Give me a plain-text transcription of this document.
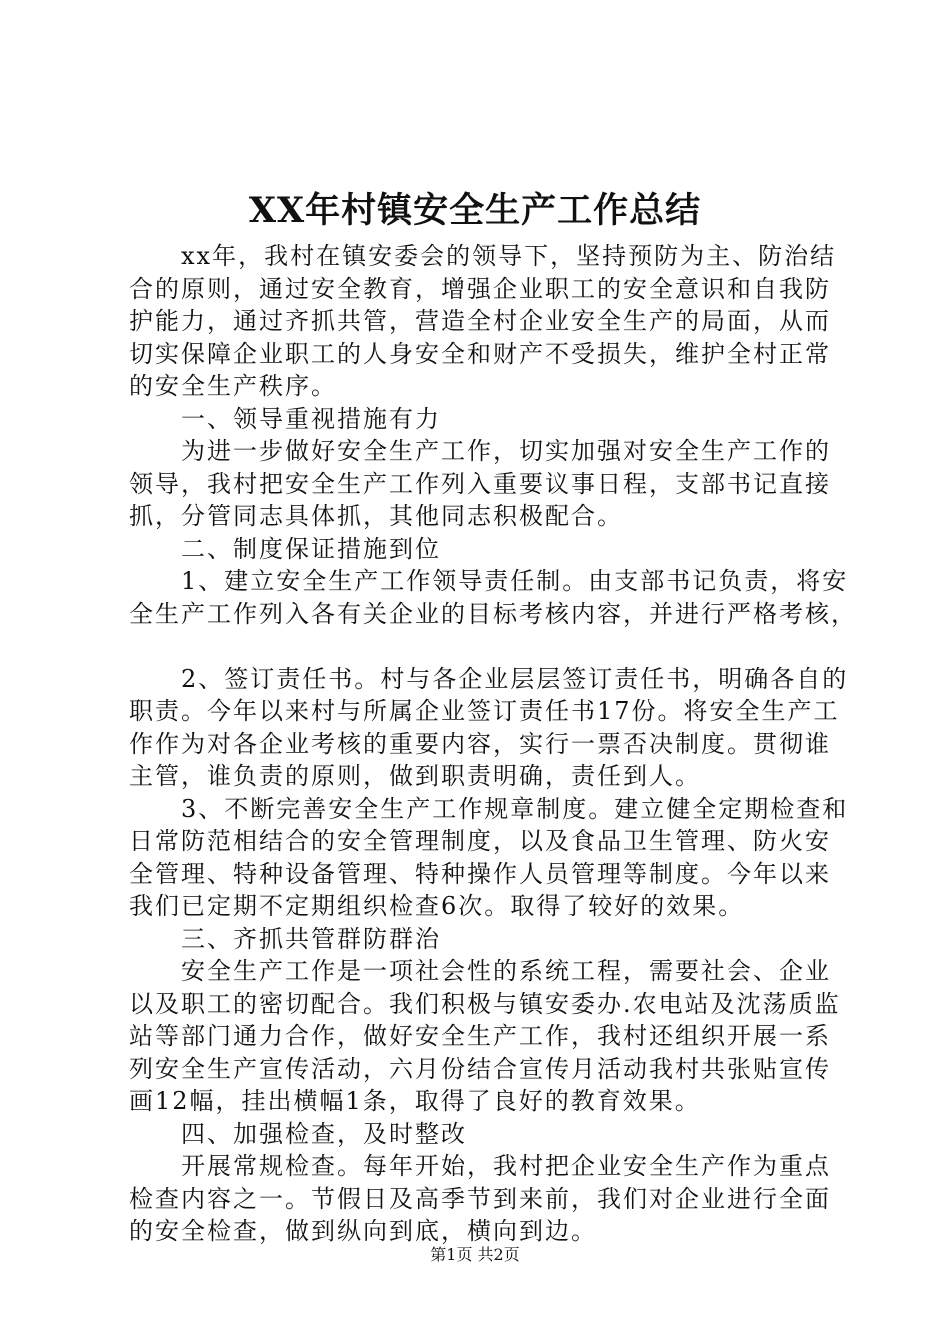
XX年村镇安全生产工作总结
　　xx年，我村在镇安委会的领导下，坚持预防为主、防治结
合的原则，通过安全教育，增强企业职工的安全意识和自我防
护能力，通过齐抓共管，营造全村企业安全生产的局面，从而
切实保障企业职工的人身安全和财产不受损失，维护全村正常
的安全生产秩序。
　　一、领导重视措施有力
　　为进一步做好安全生产工作，切实加强对安全生产工作的
领导，我村把安全生产工作列入重要议事日程，支部书记直接
抓，分管同志具体抓，其他同志积极配合。
　　二、制度保证措施到位
　　1、建立安全生产工作领导责任制。由支部书记负责，将安
全生产工作列入各有关企业的目标考核内容，并进行严格考核，
　　2、签订责任书。村与各企业层层签订责任书，明确各自的
职责。今年以来村与所属企业签订责任书17份。将安全生产工
作作为对各企业考核的重要内容，实行一票否决制度。贯彻谁
主管，谁负责的原则，做到职责明确，责任到人。
　　3、不断完善安全生产工作规章制度。建立健全定期检查和
日常防范相结合的安全管理制度，以及食品卫生管理、防火安
全管理、特种设备管理、特种操作人员管理等制度。今年以来
我们已定期不定期组织检查6次。取得了较好的效果。
　　三、齐抓共管群防群治
　　安全生产工作是一项社会性的系统工程，需要社会、企业
以及职工的密切配合。我们积极与镇安委办.农电站及沈荡质监
站等部门通力合作，做好安全生产工作，我村还组织开展一系
列安全生产宣传活动，六月份结合宣传月活动我村共张贴宣传
画12幅，挂出横幅1条，取得了良好的教育效果。
　　四、加强检查，及时整改
　　开展常规检查。每年开始，我村把企业安全生产作为重点
检查内容之一。节假日及高季节到来前，我们对企业进行全面
的安全检查，做到纵向到底，横向到边。
第1页 共2页
